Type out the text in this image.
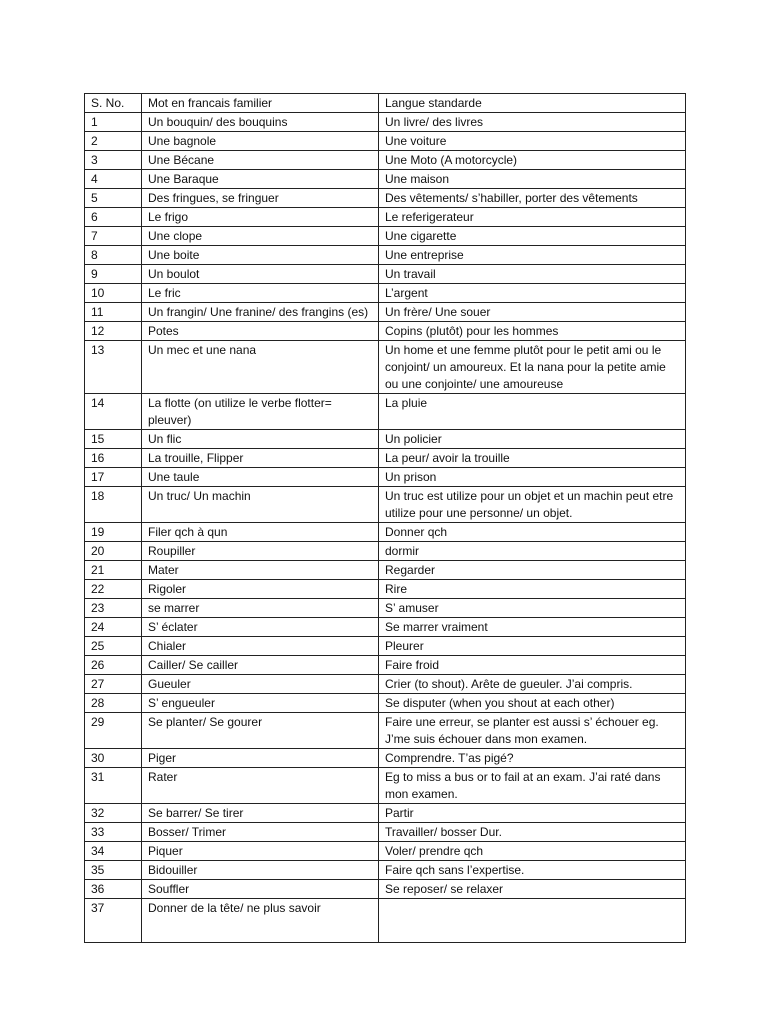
S. No.	Mot en francais familier	Langue standarde
1	Un bouquin/ des bouquins	Un livre/ des livres
2	Une bagnole	Une voiture
3	Une Bécane	Une Moto (A motorcycle)
4	Une Baraque	Une maison
5	Des fringues, se fringuer	Des vêtements/ s’habiller, porter des vêtements
6	Le frigo	Le referigerateur
7	Une clope	Une cigarette
8	Une boite	Une entreprise
9	Un boulot	Un travail
10	Le fric	L’argent
11	Un frangin/ Une franine/ des frangins (es)	Un frère/ Une souer
12	Potes	Copins (plutôt) pour les hommes
13	Un mec et une nana	Un home et une femme plutôt pour le petit ami ou le conjoint/ un amoureux. Et la nana pour la petite amie ou une conjointe/ une amoureuse
14	La flotte (on utilize le verbe flotter= pleuver)	La pluie
15	Un flic	Un policier
16	La trouille, Flipper	La peur/ avoir la trouille
17	Une taule	Un prison
18	Un truc/ Un machin	Un truc est utilize pour un objet et un machin peut etre utilize pour une personne/ un objet.
19	Filer qch à qun	Donner qch
20	Roupiller	dormir
21	Mater	Regarder
22	Rigoler	Rire
23	se marrer	S’ amuser
24	S’ éclater	Se marrer vraiment
25	Chialer	Pleurer
26	Cailler/ Se cailler	Faire froid
27	Gueuler	Crier (to shout). Arête de gueuler. J’ai compris.
28	S’ engueuler	Se disputer (when you shout at each other)
29	Se planter/ Se gourer	Faire une erreur, se planter est aussi s’ échouer eg. J’me suis échouer dans mon examen.
30	Piger	Comprendre. T’as pigé?
31	Rater	Eg to miss a bus or to fail at an exam. J’ai raté dans mon examen.
32	Se barrer/ Se tirer	Partir
33	Bosser/ Trimer	Travailler/ bosser Dur.
34	Piquer	Voler/ prendre qch
35	Bidouiller	Faire qch sans l’expertise.
36	Souffler	Se reposer/ se relaxer
37	Donner de la tête/ ne plus savoir	
